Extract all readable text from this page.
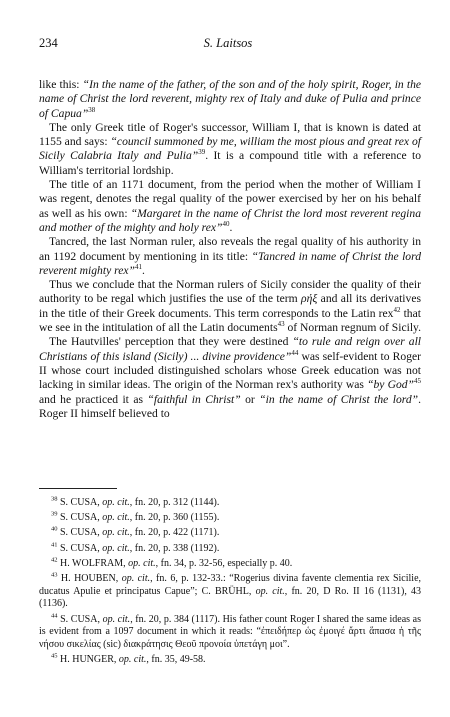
234	S. Laitsos

like this: “In the name of the father, of the son and of the holy spirit, Roger, in the name of Christ the lord reverent, mighty rex of Italy and duke of Pulia and prince of Capua”$^{38}$

The only Greek title of Roger's successor, William I, that is known is dated at 1155 and says: “council summoned by me, william the most pious and great rex of Sicily Calabria Italy and Pulia”$^{39}$. It is a compound title with a reference to William's territorial lordship.

The title of an 1171 document, from the period when the mother of William I was regent, denotes the regal quality of the power exercised by her on his behalf as well as his own: “Margaret in the name of Christ the lord most reverent regina and mother of the mighty and holy rex”$^{40}$.

Tancred, the last Norman ruler, also reveals the regal quality of his authority in an 1192 document by mentioning in its title: “Tancred in name of Christ the lord reverent mighty rex”$^{41}$.

Thus we conclude that the Norman rulers of Sicily consider the quality of their authority to be regal which justifies the use of the term ρήξ and all its derivatives in the title of their Greek documents. This term corresponds to the Latin rex$^{42}$ that we see in the intitulation of all the Latin documents$^{43}$ of Norman regnum of Sicily.

The Hautvilles' perception that they were destined “to rule and reign over all Christians of this island (Sicily) ... divine providence”$^{44}$ was self-evident to Roger II whose court included distinguished scholars whose Greek education was not lacking in similar ideas. The origin of the Norman rex's authority was “by God”$^{45}$ and he practiced it as “faithful in Christ” or “in the name of Christ the lord”. Roger II himself believed to

$^{38}$ S. CUSA, op. cit., fn. 20, p. 312 (1144).

$^{39}$ S. CUSA, op. cit., fn. 20, p. 360 (1155).

$^{40}$ S. CUSA, op. cit., fn. 20, p. 422 (1171).

$^{41}$ S. CUSA, op. cit., fn. 20, p. 338 (1192).

$^{42}$ H. WOLFRAM, op. cit., fn. 34, p. 32-56, especially p. 40.

$^{43}$ H. HOUBEN, op. cit., fn. 6, p. 132-33.: “Rogerius divina favente clementia rex Sicilie, ducatus Apulie et principatus Capue”; C. BRÜHL, op. cit., fn. 20, D Ro. II 16 (1131), 43 (1136).

$^{44}$ S. CUSA, op. cit., fn. 20, p. 384 (1117). His father count Roger I shared the same ideas as is evident from a 1097 document in which it reads: “ἐπειδήπερ ὡς ἐμοιγέ ἄρτι ἅπασα ἡ τῆς νήσου σικελίας (sic) διακράτησις Θεοῦ προνοία ὑπετάγη μοι”.

$^{45}$ H. HUNGER, op. cit., fn. 35, 49-58.
